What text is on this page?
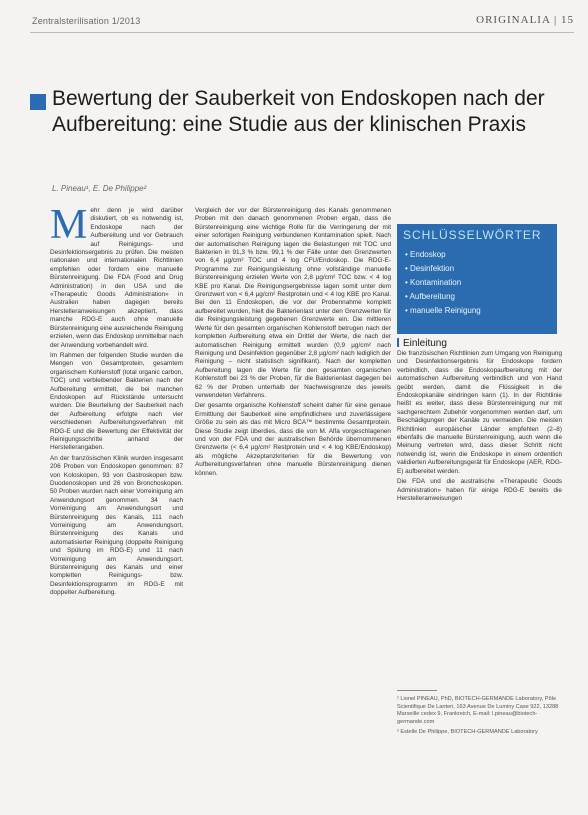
Zentralsterilisation 1/2013	ORIGINALIA | 15
Bewertung der Sauberkeit von Endoskopen nach der Aufbereitung: eine Studie aus der klinischen Praxis
L. Pineau¹, E. De Philippe²
M ehr denn je wird darüber diskutiert, ob es notwendig ist, Endoskope nach der Aufbereitung und vor Gebrauch auf Reinigungs- und Desinfektionsergebnis zu prüfen. Die meisten nationalen und internationalen Richtlinien empfehlen oder fordern eine manuelle Bürstenreinigung. Die FDA (Food and Drug Administration) in den USA und die «Therapeutic Goods Administration» in Australien haben dagegen bereits Herstelleranweisungen akzeptiert, dass manche RDG-E auch ohne manuelle Bürstenreinigung eine ausreichende Reinigung erzielen, wenn das Endoskop unmittelbar nach der Anwendung vorbehandelt wird.

Im Rahmen der folgenden Studie wurden die Mengen von Gesamtprotein, gesamtem organischem Kohlenstoff (total organic carbon, TOC) und verbleibender Bakterien nach der Aufbereitung ermittelt, die bei manchen Endoskopen auf Rückstände untersucht wurden. Die Beurteilung der Sauberkeit nach der Aufbereitung erfolgte nach vier verschiedenen Aufbereitungsverfahren mit RDG-E und die Bewertung der Effektivität der Reinigungsschritte anhand der Herstellerangaben.

An der französischen Klinik wurden insgesamt 206 Proben von Endoskopen genommen: 87 von Koloskopen, 93 von Gastroskopen bzw. Duodenoskopen und 26 von Bronchoskopen. 50 Proben wurden nach einer Vorreinigung am Anwendungsort genommen. 34 nach Vorreinigung am Anwendungsort und Bürstenreinigung des Kanals, 111 nach Vorreinigung am Anwendungsort, Bürstenreinigung des Kanals und automatisierter Reinigung (doppelte Reinigung und Spülung im RDG-E) und 11 nach Vorreinigung am Anwendungsort, Bürstenreinigung des Kanals und einer kompletten Reinigungs- bzw. Desinfektionsprogramm im RDG-E mit doppelter Aufbereitung.

Vergleich der vor der Bürstenreinigung des Kanals genommenen Proben mit den danach genommenen Proben ergab, dass die Bürstenreinigung eine wichtige Rolle für die Verringerung der mit einer sofortigen Reinigung verbundenen Kontamination spielt. Nach der automatischen Reinigung lagen die Belastungen mit TOC und Bakterien in 91,3 % bzw. 99,1 % der Fälle unter den Grenzwerten von 6,4 µg/cm² TOC und 4 log CFU/Endoskop. Die RDG-E-Programme zur Reinigungsleistung ohne vollständige manuelle Bürstenreinigung erzielen Werte von 2,8 µg/cm² TOC bzw. < 4 log KBE pro Kanal. Die Reinigungsergebnisse lagen somit unter dem Grenzwert von < 6,4 µg/cm² Restprotein und < 4 log KBE pro Kanal. Bei den 11 Endoskopen, die vor der Probennahme komplett aufbereitet wurden, hielt die Bakterienlast unter den Grenzwerten für die Reinigungsleistung gegebenen Grenzwerte ein. Die mittleren Werte für den gesamten organischen Kohlenstoff betrugen nach der kompletten Aufbereitung etwa ein Drittel der Werte, die nach der automatischen Reinigung ermittelt wurden (0,9 µg/cm² nach Reinigung und Desinfektion gegenüber 2,8 µg/cm² nach lediglich der Reinigung – nicht statistisch signifikant). Nach der kompletten Aufbereitung lagen die Werte für den gesamten organischen Kohlenstoff bei 23 % der Proben, für die Bakterienlast dagegen bei 62 % der Proben unterhalb der Nachweisgrenze des jeweils verwendeten Verfahrens.

Der gesamte organische Kohlenstoff scheint daher für eine genaue Ermittlung der Sauberkeit eine empfindlichere und zuverlässigere Größe zu sein als das mit Micro BCA™ bestimmte Gesamtprotein. Diese Studie zeigt überdies, dass die von M. Alfa vorgeschlagenen und von der FDA und der australischen Behörde übernommenen Grenzwerte (< 6,4 µg/cm² Restprotein und < 4 log KBE/Endoskop) als mögliche Akzeptanzkriterien für die Bewertung von Aufbereitungsverfahren ohne manuelle Bürstenreinigung dienen können.

SCHLÜSSELWÖRTER
• Endoskop
• Desinfektion
• Kontamination
• Aufbereitung
• manuelle Reinigung
Einleitung

Die französischen Richtlinien zum Umgang von Reinigung und Desinfektionsergebnis für Endoskope fordern verbindlich, dass die Endoskopaufbereitung mit der automatischen Aufbereitung verbindlich und von Hand geübt werden, damit die Flüssigkeit in die Endoskopkanäle eindringen kann (1). In der Richtlinie heißt es weiter, dass diese Bürstenreinigung nur mit sachgerechtem Zubehör vorgenommen werden darf, um Beschädigungen der Kanäle zu vermeiden. Die meisten Richtlinien europäischer Länder empfehlen (2–8) ebenfalls die manuelle Bürstenreinigung, auch wenn die Meinung vertreten wird, dass dieser Schritt nicht notwendig ist, wenn die Endoskope in einem ordentlich validierten Aufbereitungsgerät für Endoskope (AER, RDG-E) aufbereitet werden.

Die FDA und die australische «Therapeutic Goods Administration» haben für einige RDG-E bereits die Herstelleranweisungen

¹ Lionel PINEAU, PhD, BIOTECH-GERMANDE Laboratory, Pôle Scientifique De Lanteri, 163 Avenue De Luminy Case 922, 13288 Marseille cedex 9, Frankreich, E-mail: l.pineau@biotech-germande.com

² Estelle De Philippe, BIOTECH-GERMANDE Laboratory
